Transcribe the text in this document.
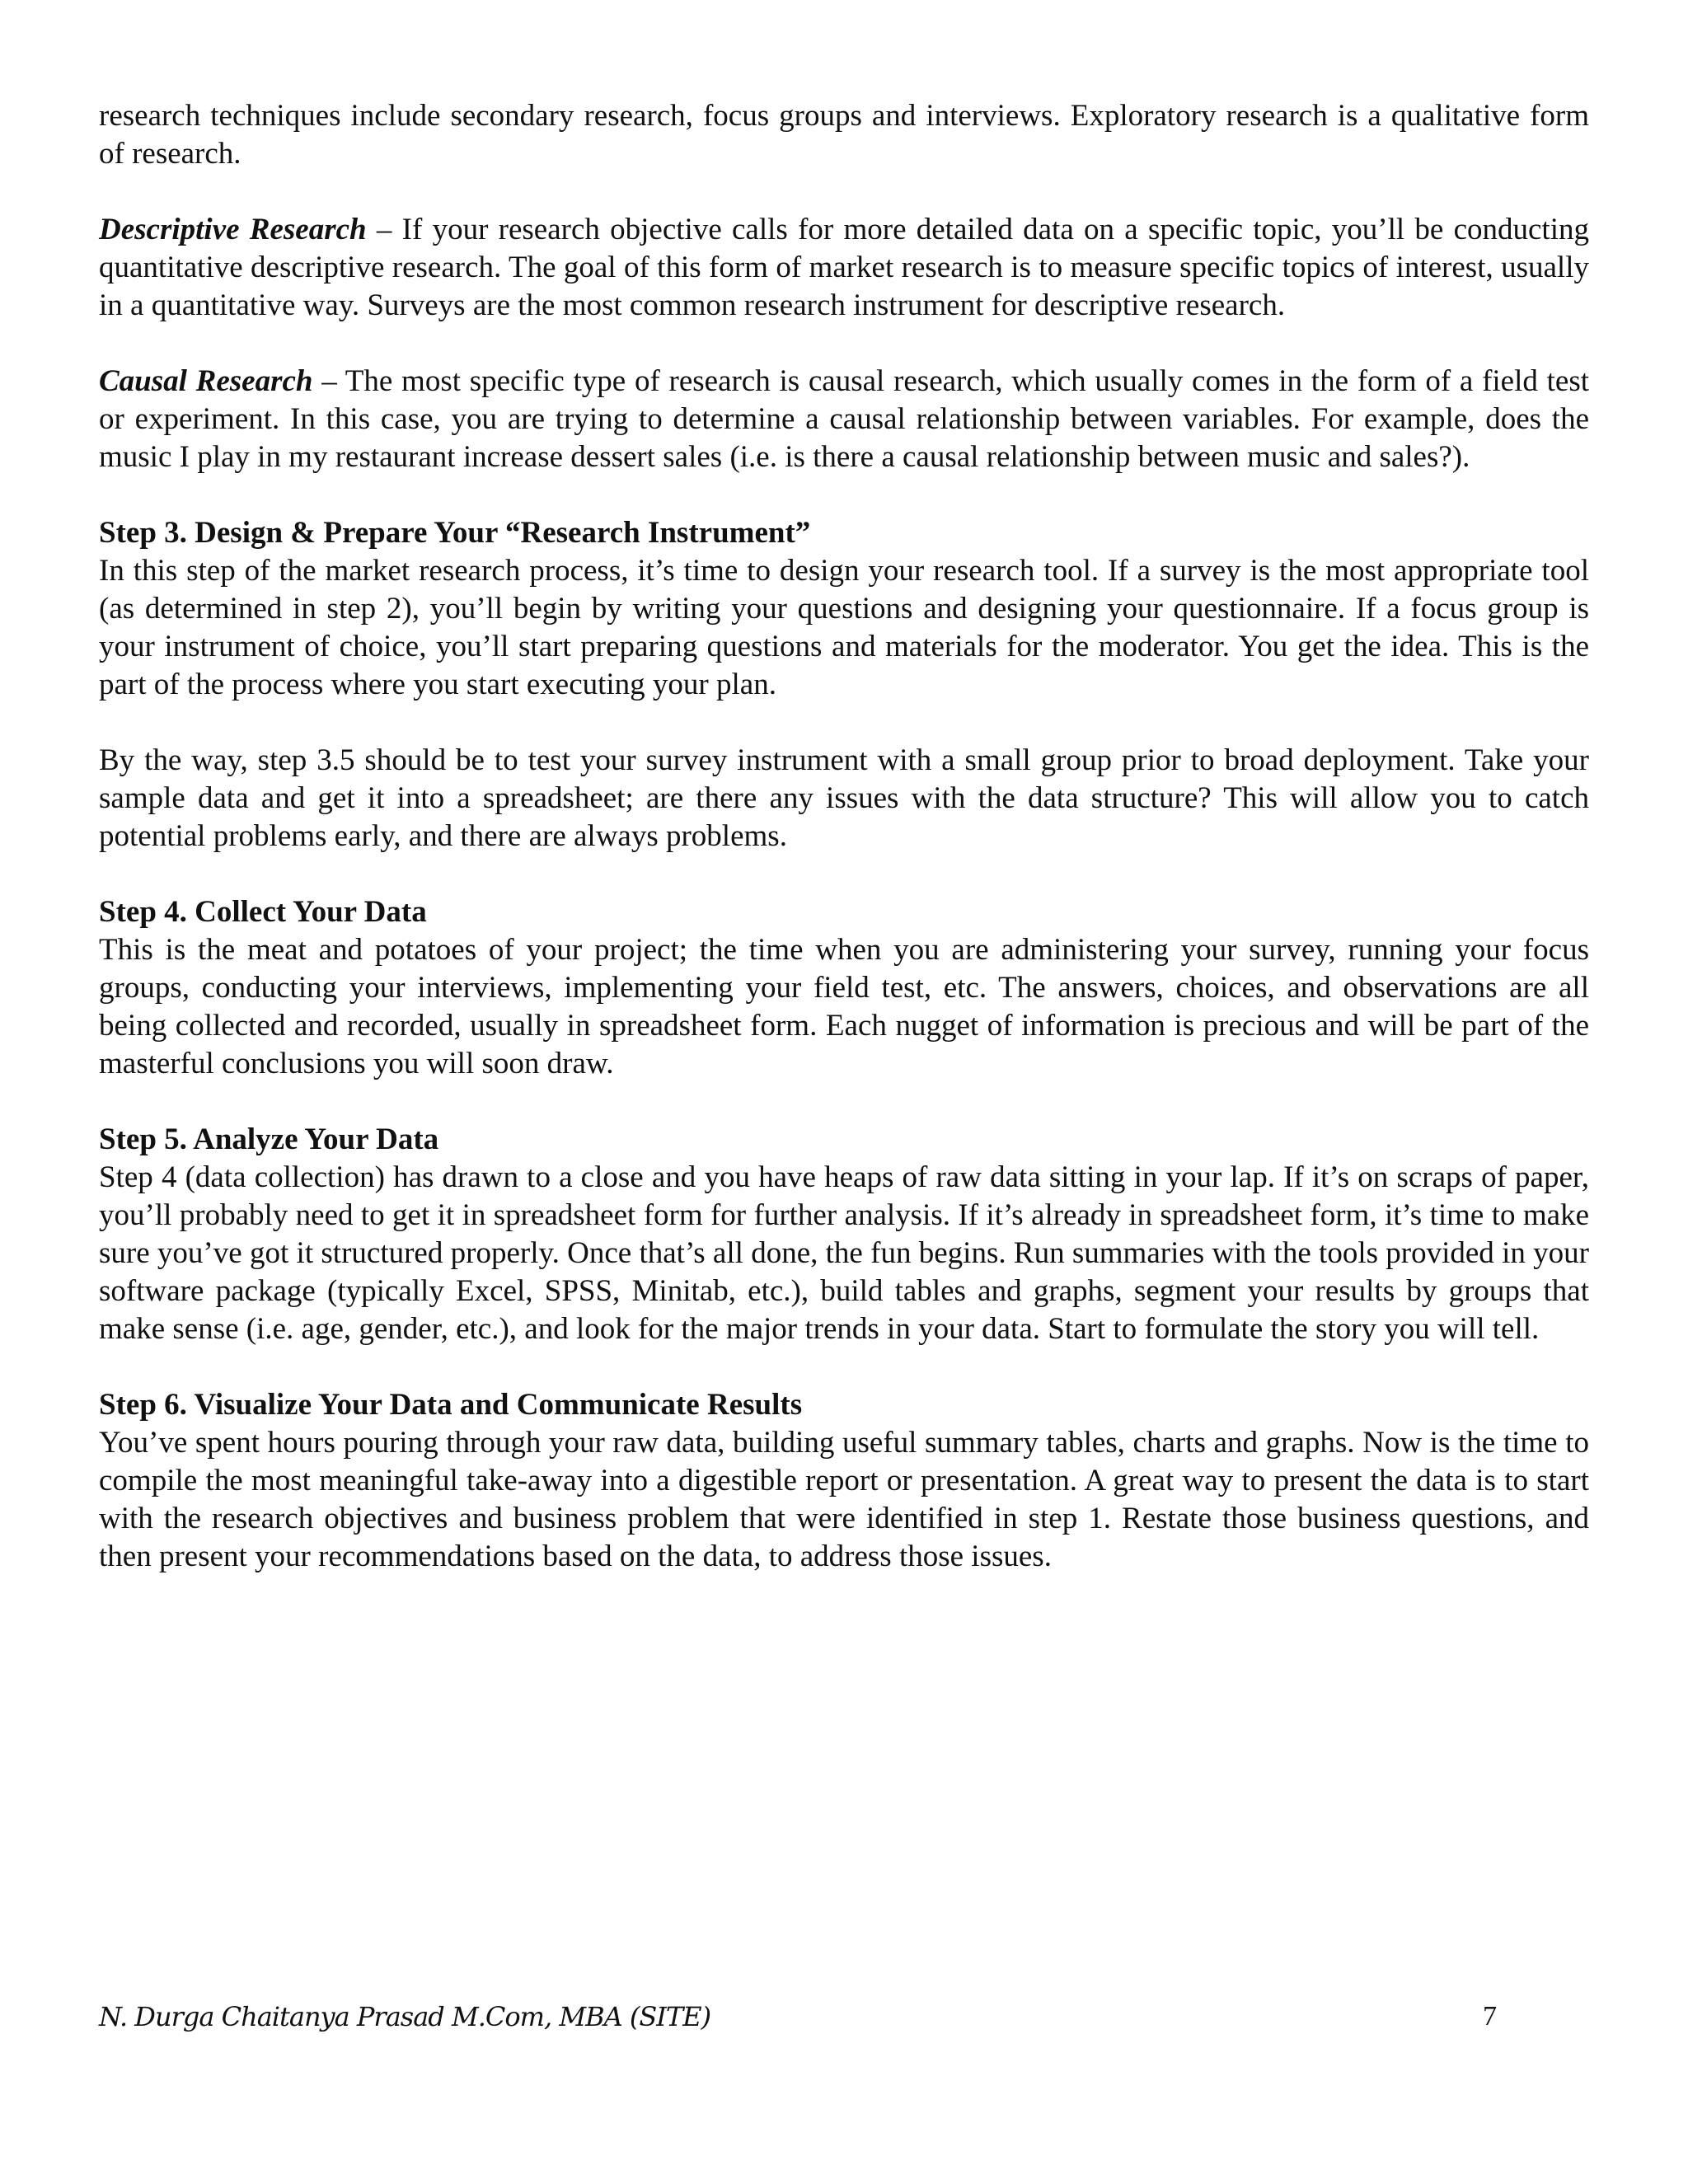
research techniques include secondary research, focus groups and interviews. Exploratory research is a qualitative form of research.

Descriptive Research – If your research objective calls for more detailed data on a specific topic, you’ll be conducting quantitative descriptive research. The goal of this form of market research is to measure specific topics of interest, usually in a quantitative way. Surveys are the most common research instrument for descriptive research.

Causal Research – The most specific type of research is causal research, which usually comes in the form of a field test or experiment. In this case, you are trying to determine a causal relationship between variables. For example, does the music I play in my restaurant increase dessert sales (i.e. is there a causal relationship between music and sales?).

Step 3. Design & Prepare Your “Research Instrument”

In this step of the market research process, it’s time to design your research tool. If a survey is the most appropriate tool (as determined in step 2), you’ll begin by writing your questions and designing your questionnaire. If a focus group is your instrument of choice, you’ll start preparing questions and materials for the moderator. You get the idea. This is the part of the process where you start executing your plan.

By the way, step 3.5 should be to test your survey instrument with a small group prior to broad deployment. Take your sample data and get it into a spreadsheet; are there any issues with the data structure? This will allow you to catch potential problems early, and there are always problems.

Step 4. Collect Your Data

This is the meat and potatoes of your project; the time when you are administering your survey, running your focus groups, conducting your interviews, implementing your field test, etc. The answers, choices, and observations are all being collected and recorded, usually in spreadsheet form. Each nugget of information is precious and will be part of the masterful conclusions you will soon draw.

Step 5. Analyze Your Data

Step 4 (data collection) has drawn to a close and you have heaps of raw data sitting in your lap. If it’s on scraps of paper, you’ll probably need to get it in spreadsheet form for further analysis. If it’s already in spreadsheet form, it’s time to make sure you’ve got it structured properly. Once that’s all done, the fun begins. Run summaries with the tools provided in your software package (typically Excel, SPSS, Minitab, etc.), build tables and graphs, segment your results by groups that make sense (i.e. age, gender, etc.), and look for the major trends in your data. Start to formulate the story you will tell.

Step 6. Visualize Your Data and Communicate Results

You’ve spent hours pouring through your raw data, building useful summary tables, charts and graphs. Now is the time to compile the most meaningful take-away into a digestible report or presentation. A great way to present the data is to start with the research objectives and business problem that were identified in step 1. Restate those business questions, and then present your recommendations based on the data, to address those issues.

N. Durga Chaitanya Prasad M.Com, MBA (SITE)	7
